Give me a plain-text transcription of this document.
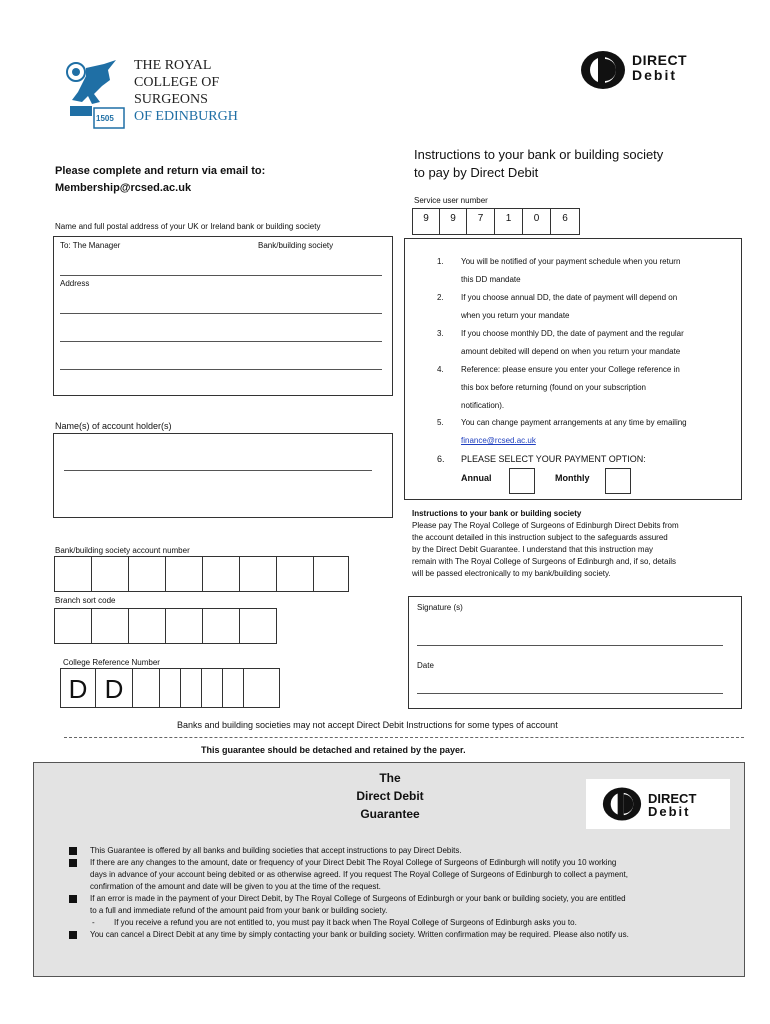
1505
THE ROYAL
COLLEGE OF
SURGEONS
OF EDINBURGH
DIRECT
Debit
Please complete and return via email to:
Membership@rcsed.ac.uk
Instructions to your bank or building society
to pay by Direct Debit
Service user number
9	9	7	1	0	6
Name and full postal address of your UK or Ireland bank or building society
To: The Manager	Bank/building society
Address
Name(s) of account holder(s)
Bank/building society account number
Branch sort code
College Reference Number
D D
1. You will be notified of your payment schedule when you return
this DD mandate
2. If you choose annual DD, the date of payment will depend on
when you return your mandate
3. If you choose monthly DD, the date of payment and the regular
amount debited will depend on when you return your mandate
4. Reference: please ensure you enter your College reference in
this box before returning (found on your subscription
notification).
5. You can change payment arrangements at any time by emailing
finance@rcsed.ac.uk
6. PLEASE SELECT YOUR PAYMENT OPTION:
Annual	Monthly
Instructions to your bank or building society
Please pay The Royal College of Surgeons of Edinburgh Direct Debits from
the account detailed in this instruction subject to the safeguards assured
by the Direct Debit Guarantee. I understand that this instruction may
remain with The Royal College of Surgeons of Edinburgh and, if so, details
will be passed electronically to my bank/building society.
Signature (s)
Date
Banks and building societies may not accept Direct Debit Instructions for some types of account
This guarantee should be detached and retained by the payer.
The
Direct Debit
Guarantee
DIRECT
Debit
This Guarantee is offered by all banks and building societies that accept instructions to pay Direct Debits.
If there are any changes to the amount, date or frequency of your Direct Debit The Royal College of Surgeons of Edinburgh will notify you 10 working
days in advance of your account being debited or as otherwise agreed. If you request The Royal College of Surgeons of Edinburgh to collect a payment,
confirmation of the amount and date will be given to you at the time of the request.
If an error is made in the payment of your Direct Debit, by The Royal College of Surgeons of Edinburgh or your bank or building society, you are entitled
to a full and immediate refund of the amount paid from your bank or building society.
- If you receive a refund you are not entitled to, you must pay it back when The Royal College of Surgeons of Edinburgh asks you to.
You can cancel a Direct Debit at any time by simply contacting your bank or building society. Written confirmation may be required. Please also notify us.
